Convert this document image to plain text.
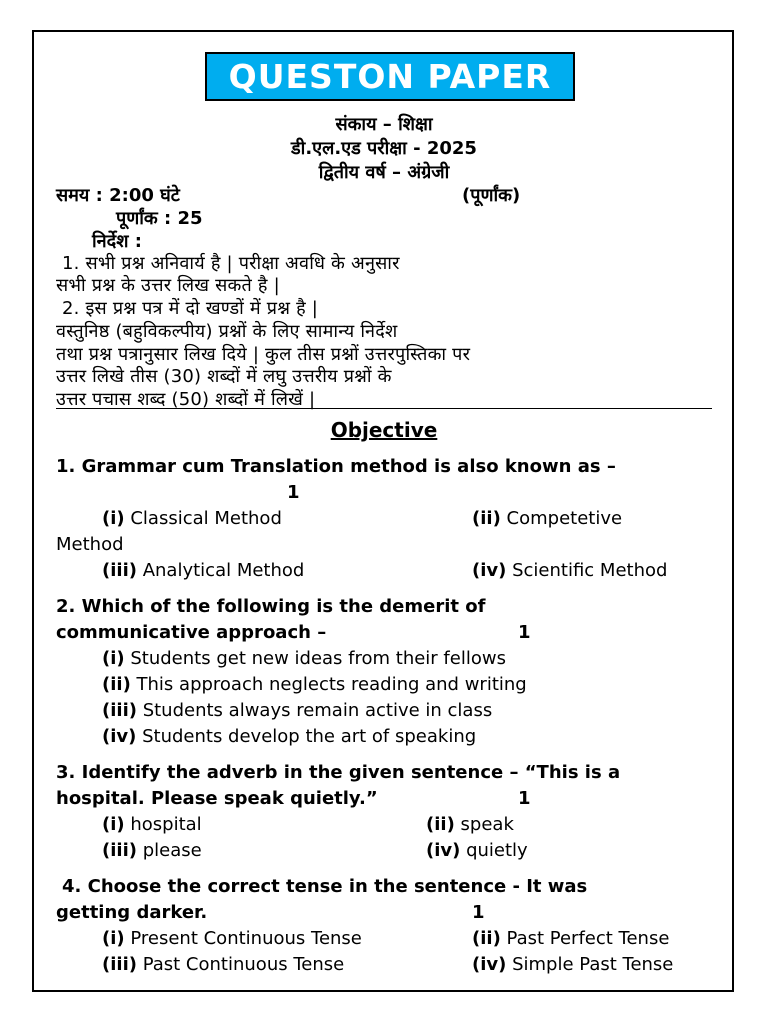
QUESTON PAPER
संकाय – शिक्षा
डी.एल.एड परीक्षा - 2025
द्वितीय वर्ष – अंग्रेजी
समय : 2:00 घंटे	(पूर्णांक)
पूर्णांक : 25
निर्देश :
1. सभी प्रश्न अनिवार्य है | परीक्षा अवधि के अनुसार
सभी प्रश्न के उत्तर लिख सकते है |
2. इस प्रश्न पत्र में दो खण्डों में प्रश्न है |
वस्तुनिष्ठ (बहुविकल्पीय) प्रश्नों के लिए सामान्य निर्देश
तथा प्रश्न पत्रानुसार लिख दिये | कुल तीस प्रश्नों उत्तरपुस्तिका पर
उत्तर लिखे तीस (30) शब्दों में लघु उत्तरीय प्रश्नों के
उत्तर पचास शब्द (50) शब्दों में लिखें |
Objective
1. Grammar cum Translation method is also known as –
1
(i) Classical Method	(ii) Competetive
Method
(iii) Analytical Method	(iv) Scientific Method
2. Which of the following is the demerit of
communicative approach –	1
(i) Students get new ideas from their fellows
(ii) This approach neglects reading and writing
(iii) Students always remain active in class
(iv) Students develop the art of speaking
3. Identify the adverb in the given sentence – “This is a
hospital. Please speak quietly.”	1
(i) hospital	(ii) speak
(iii) please	(iv) quietly
4. Choose the correct tense in the sentence - It was
getting darker.	1
(i) Present Continuous Tense	(ii) Past Perfect Tense
(iii) Past Continuous Tense	(iv) Simple Past Tense
